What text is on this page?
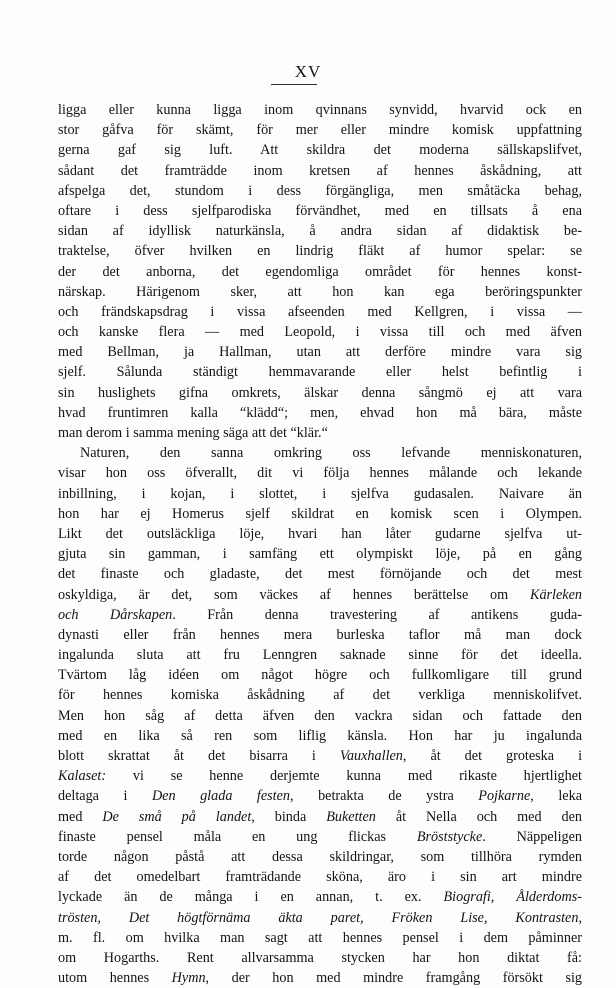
XV
ligga eller kunna ligga inom qvinnans synvidd, hvarvid ock en
stor gåfva för skämt, för mer eller mindre komisk uppfattning
gerna gaf sig luft. Att skildra det moderna sällskapslifvet,
sådant det framträdde inom kretsen af hennes åskådning, att
afspelga det, stundom i dess förgängliga, men småtäcka behag,
oftare i dess sjelfparodiska förvändhet, med en tillsats å ena
sidan af idyllisk naturkänsla, å andra sidan af didaktisk be-
traktelse, öfver hvilken en lindrig fläkt af humor spelar: se
der det anborna, det egendomliga området för hennes konst-
närskap. Härigenom sker, att hon kan ega beröringspunkter
och frändskapsdrag i vissa afseenden med Kellgren, i vissa —
och kanske flera — med Leopold, i vissa till och med äfven
med Bellman, ja Hallman, utan att derföre mindre vara sig
sjelf. Sålunda ständigt hemmavarande eller helst befintlig i
sin huslighets gifna omkrets, älskar denna sångmö ej att vara
hvad fruntimren kalla “klädd“; men, ehvad hon må bära, måste
man derom i samma mening säga att det “klär.“
Naturen, den sanna omkring oss lefvande menniskonaturen,
visar hon oss öfverallt, dit vi följa hennes målande och lekande
inbillning, i kojan, i slottet, i sjelfva gudasalen. Naivare än
hon har ej Homerus sjelf skildrat en komisk scen i Olympen.
Likt det outsläckliga löje, hvari han låter gudarne sjelfva ut-
gjuta sin gamman, i samfäng ett olympiskt löje, på en gång
det finaste och gladaste, det mest förnöjande och det mest
oskyldiga, är det, som väckes af hennes berättelse om Kärleken
och Dårskapen. Från denna travestering af antikens guda-
dynasti eller från hennes mera burleska taflor må man dock
ingalunda sluta att fru Lenngren saknade sinne för det ideella.
Tvärtom låg idéen om något högre och fullkomligare till grund
för hennes komiska åskådning af det verkliga menniskolifvet.
Men hon såg af detta äfven den vackra sidan och fattade den
med en lika så ren som liflig känsla. Hon har ju ingalunda
blott skrattat åt det bisarra i Vauxhallen, åt det groteska i
Kalaset: vi se henne derjemte kunna med rikaste hjertlighet
deltaga i Den glada festen, betrakta de ystra Pojkarne, leka
med De små på landet, binda Buketten åt Nella och med den
finaste pensel måla en ung flickas Bröststycke. Näppeligen
torde någon påstå att dessa skildringar, som tillhöra rymden
af det omedelbart framträdande sköna, äro i sin art mindre
lyckade än de många i en annan, t. ex. Biografi, Ålderdoms-
trösten, Det högtförnäma äkta paret, Fröken Lise, Kontrasten,
m. fl. om hvilka man sagt att hennes pensel i dem påminner
om Hogarths. Rent allvarsamma stycken har hon diktat få:
utom hennes Hymn, der hon med mindre framgång försökt sig
